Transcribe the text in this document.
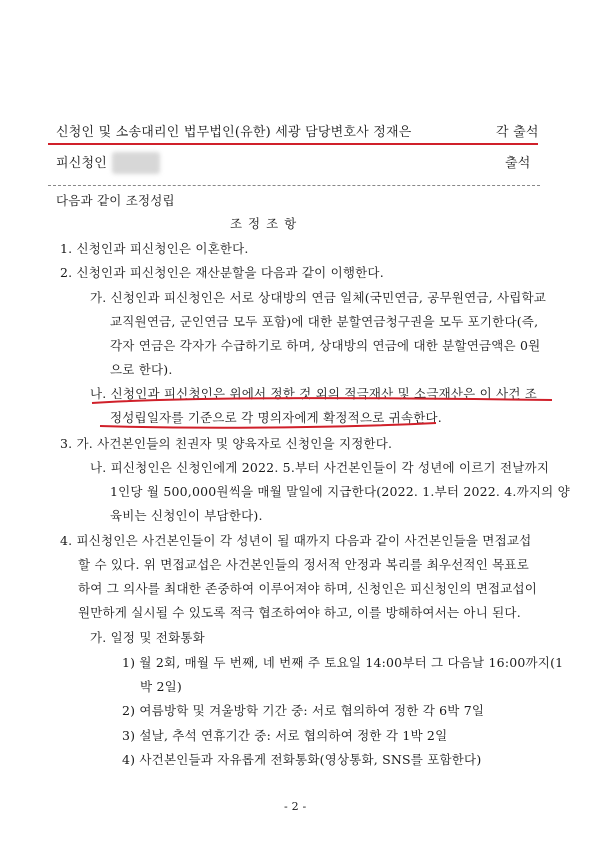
신청인 및 소송대리인 법무법인(유한) 세광 담당변호사 정재은	각 출석
피신청인	출석
다음과 같이 조정성립
조 정 조 항
1. 신청인과 피신청인은 이혼한다.
2. 신청인과 피신청인은 재산분할을 다음과 같이 이행한다.
가. 신청인과 피신청인은 서로 상대방의 연금 일체(국민연금, 공무원연금, 사립학교
교직원연금, 군인연금 모두 포함)에 대한 분할연금청구권을 모두 포기한다(즉,
각자 연금은 각자가 수급하기로 하며, 상대방의 연금에 대한 분할연금액은 0원
으로 한다).
나. 신청인과 피신청인은 위에서 정한 것 외의 적극재산 및 소극재산은 이 사건 조
정성립일자를 기준으로 각 명의자에게 확정적으로 귀속한다.
3. 가. 사건본인들의 친권자 및 양육자로 신청인을 지정한다.
나. 피신청인은 신청인에게 2022. 5.부터 사건본인들이 각 성년에 이르기 전날까지
1인당 월 500,000원씩을 매월 말일에 지급한다(2022. 1.부터 2022. 4.까지의 양
육비는 신청인이 부담한다).
4. 피신청인은 사건본인들이 각 성년이 될 때까지 다음과 같이 사건본인들을 면접교섭
할 수 있다. 위 면접교섭은 사건본인들의 정서적 안정과 복리를 최우선적인 목표로
하여 그 의사를 최대한 존중하여 이루어져야 하며, 신청인은 피신청인의 면접교섭이
원만하게 실시될 수 있도록 적극 협조하여야 하고, 이를 방해하여서는 아니 된다.
가. 일정 및 전화통화
1) 월 2회, 매월 두 번째, 네 번째 주 토요일 14:00부터 그 다음날 16:00까지(1
박 2일)
2) 여름방학 및 겨울방학 기간 중: 서로 협의하여 정한 각 6박 7일
3) 설날, 추석 연휴기간 중: 서로 협의하여 정한 각 1박 2일
4) 사건본인들과 자유롭게 전화통화(영상통화, SNS를 포함한다)
- 2 -
